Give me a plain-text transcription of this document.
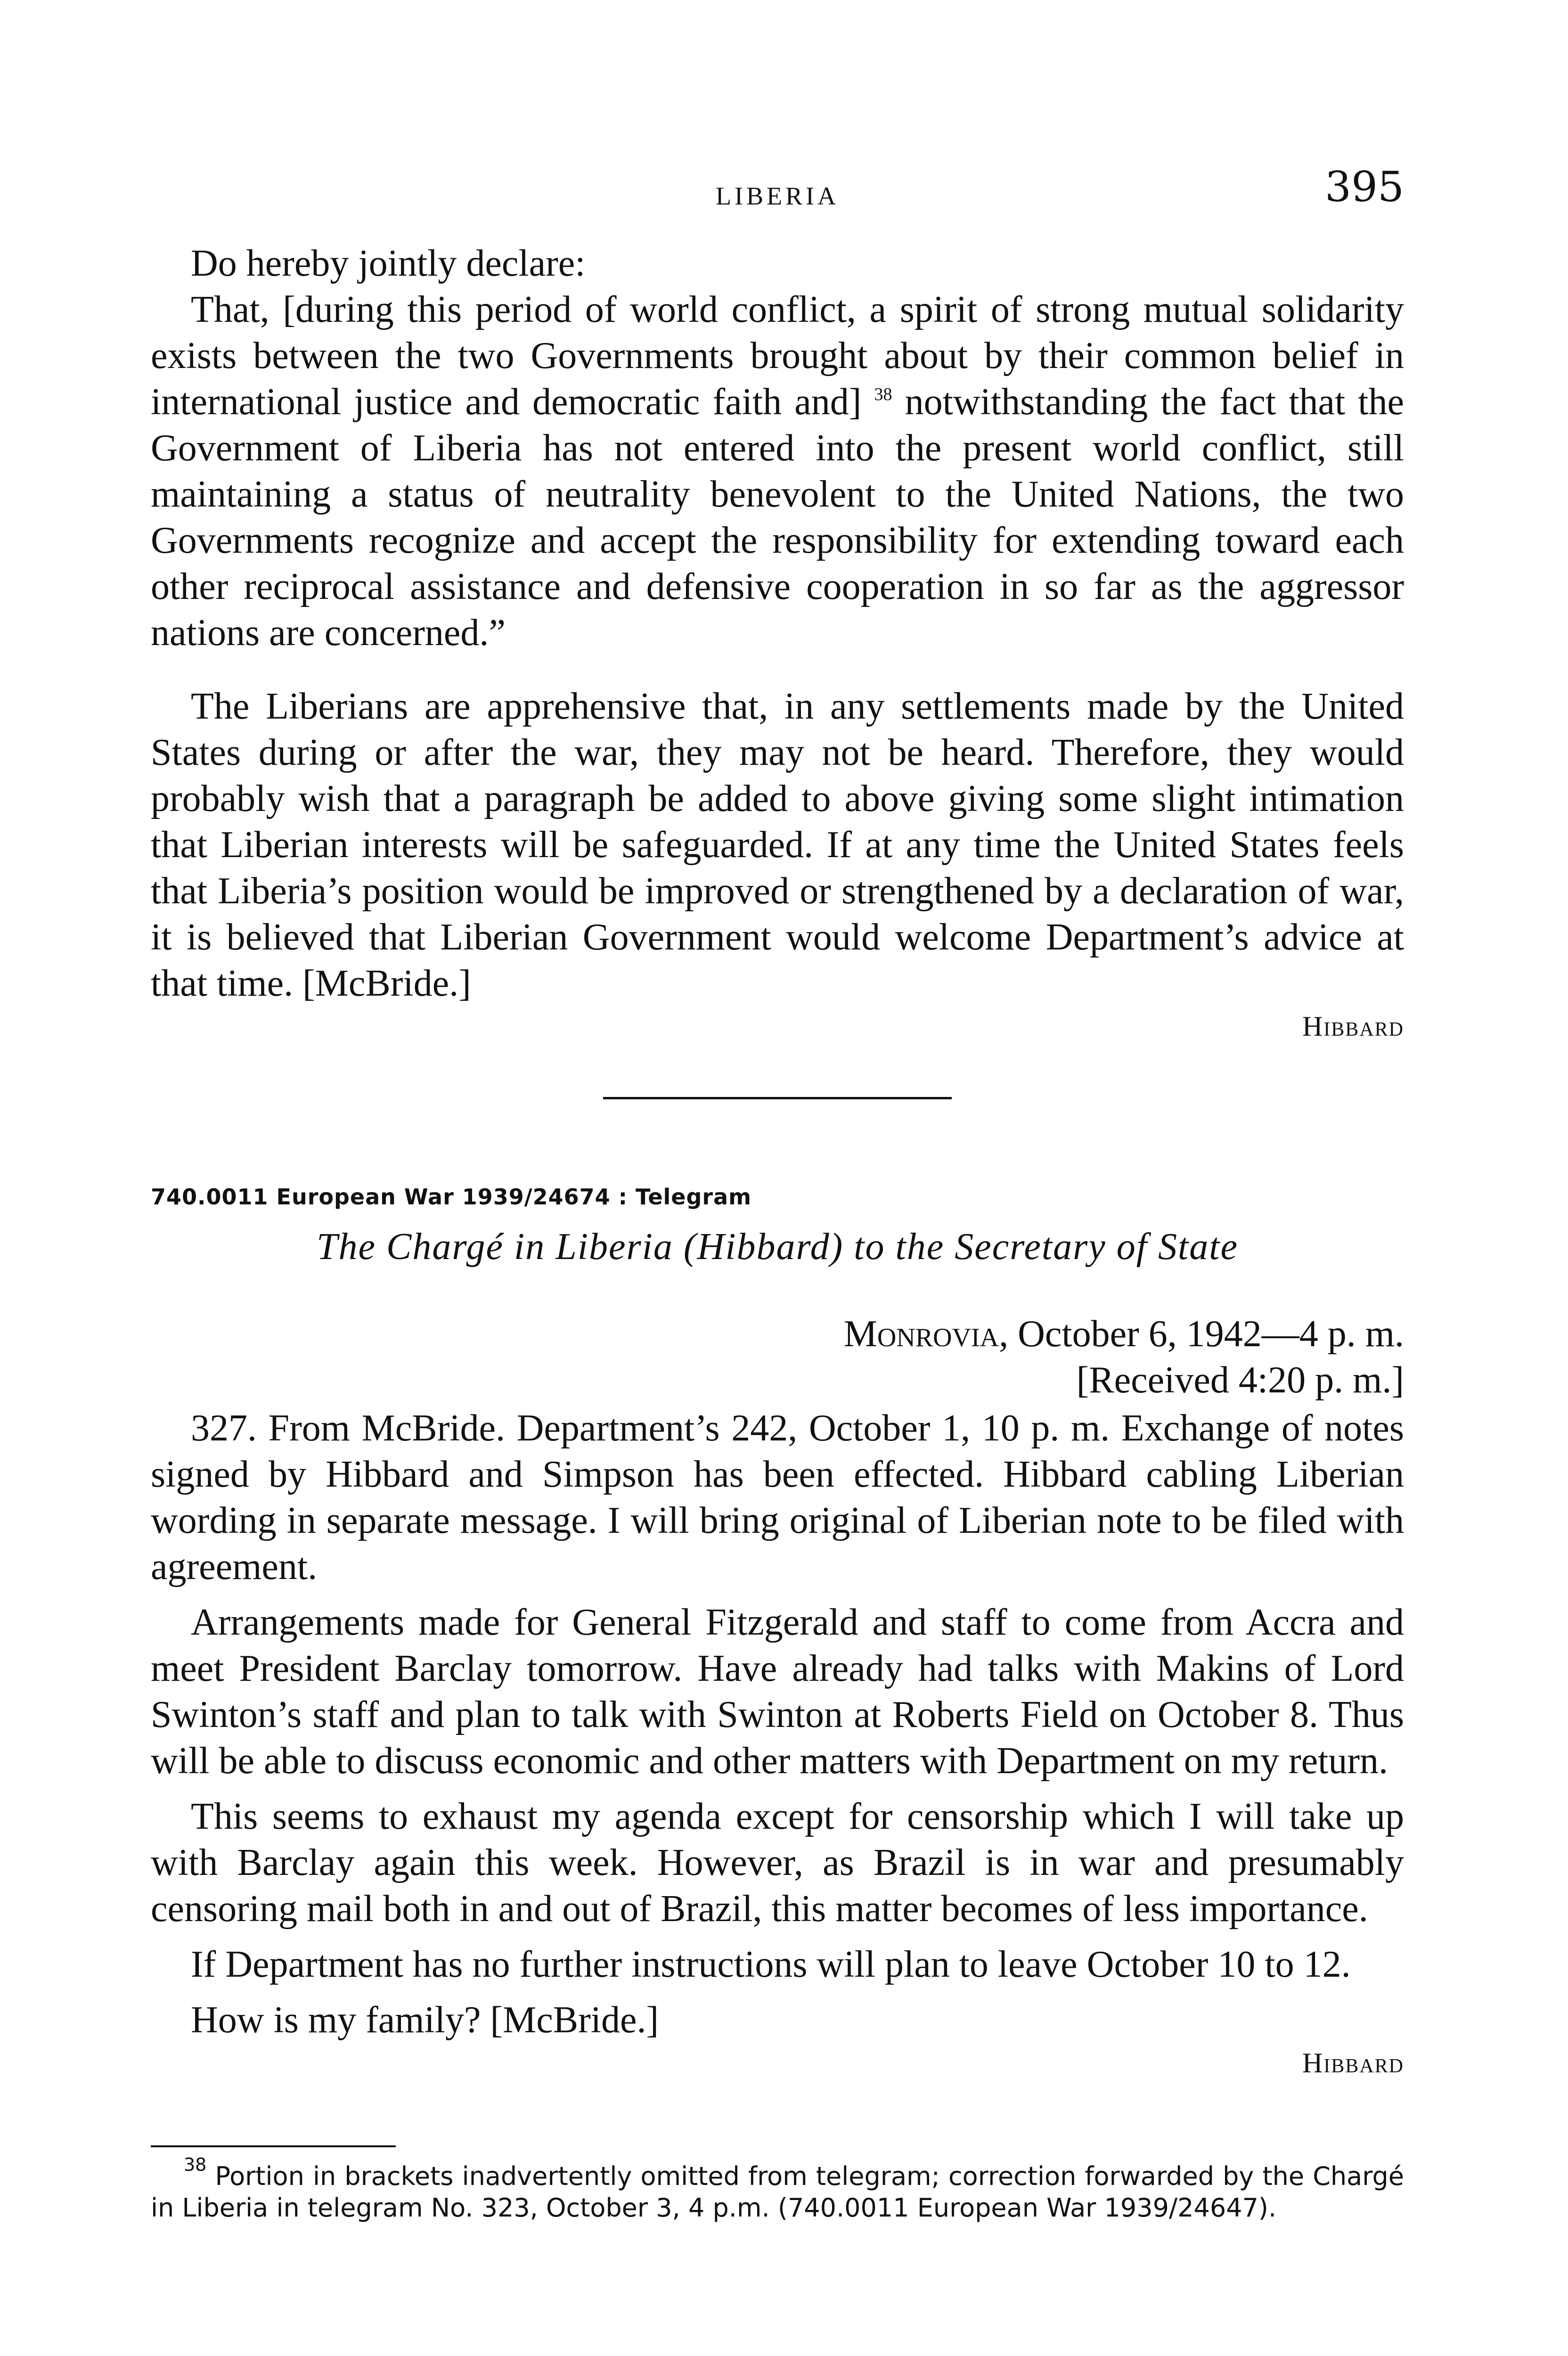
LIBERIA	395

Do hereby jointly declare:

That, [during this period of world conflict, a spirit of strong mutual solidarity exists between the two Governments brought about by their common belief in international justice and democratic faith and] $^{38}$ notwithstanding the fact that the Government of Liberia has not entered into the present world conflict, still maintaining a status of neutrality benevolent to the United Nations, the two Governments recognize and accept the responsibility for extending toward each other reciprocal assistance and defensive cooperation in so far as the aggressor nations are concerned.”

The Liberians are apprehensive that, in any settlements made by the United States during or after the war, they may not be heard. Therefore, they would probably wish that a paragraph be added to above giving some slight intimation that Liberian interests will be safeguarded. If at any time the United States feels that Liberia’s position would be improved or strengthened by a declaration of war, it is believed that Liberian Government would welcome Department’s advice at that time. [McBride.]

Hibbard
740.0011 European War 1939/24674 : Telegram
The Chargé in Liberia (Hibbard) to the Secretary of State
Monrovia, October 6, 1942—4 p. m.
[Received 4:20 p. m.]

327. From McBride. Department’s 242, October 1, 10 p. m. Exchange of notes signed by Hibbard and Simpson has been effected. Hibbard cabling Liberian wording in separate message. I will bring original of Liberian note to be filed with agreement.

Arrangements made for General Fitzgerald and staff to come from Accra and meet President Barclay tomorrow. Have already had talks with Makins of Lord Swinton’s staff and plan to talk with Swinton at Roberts Field on October 8. Thus will be able to discuss economic and other matters with Department on my return.

This seems to exhaust my agenda except for censorship which I will take up with Barclay again this week. However, as Brazil is in war and presumably censoring mail both in and out of Brazil, this matter becomes of less importance.

If Department has no further instructions will plan to leave October 10 to 12.

How is my family? [McBride.]

Hibbard
$^{38}$ Portion in brackets inadvertently omitted from telegram; correction forwarded by the Chargé in Liberia in telegram No. 323, October 3, 4 p.m. (740.0011 European War 1939/24647).
